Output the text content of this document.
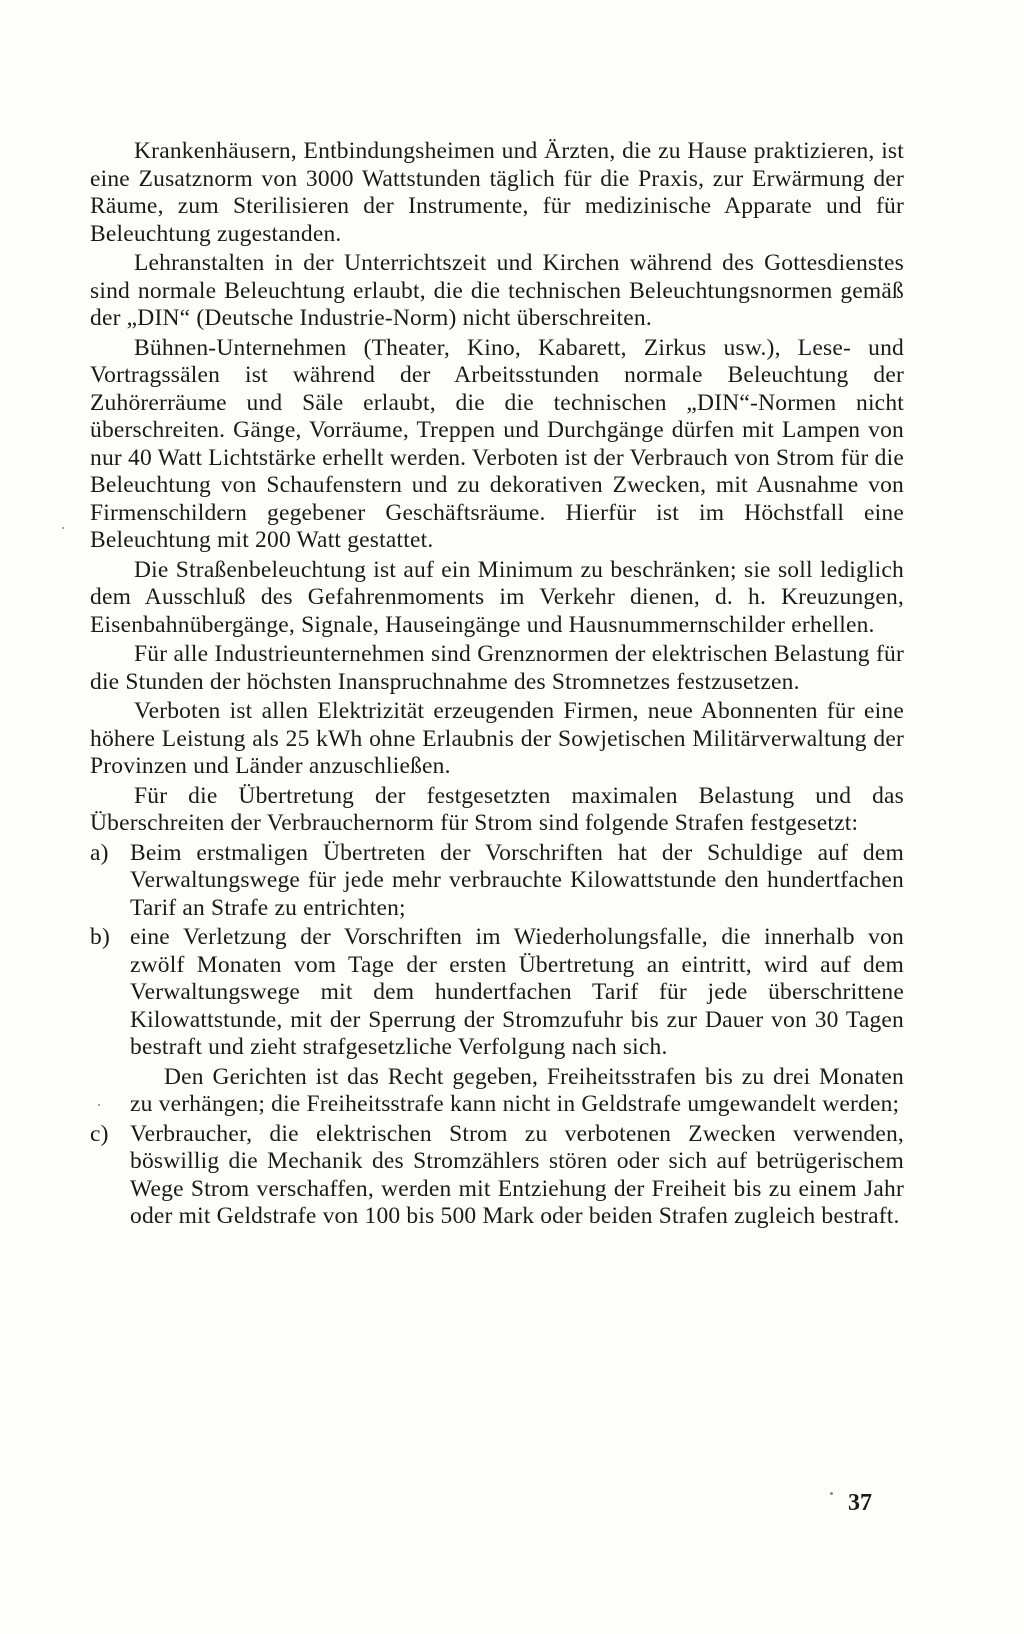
Krankenhäusern, Entbindungsheimen und Ärzten, die zu Hause praktizieren, ist eine Zusatznorm von 3000 Wattstunden täglich für die Praxis, zur Erwärmung der Räume, zum Sterilisieren der Instrumente, für medizinische Apparate und für Beleuchtung zugestanden.

Lehranstalten in der Unterrichtszeit und Kirchen während des Gottesdienstes sind normale Beleuchtung erlaubt, die die technischen Beleuchtungsnormen gemäß der „DIN“ (Deutsche Industrie-Norm) nicht überschreiten.

Bühnen-Unternehmen (Theater, Kino, Kabarett, Zirkus usw.), Lese- und Vortragssälen ist während der Arbeitsstunden normale Beleuchtung der Zuhörerräume und Säle erlaubt, die die technischen „DIN“-Normen nicht überschreiten. Gänge, Vorräume, Treppen und Durchgänge dürfen mit Lampen von nur 40 Watt Lichtstärke erhellt werden. Verboten ist der Verbrauch von Strom für die Beleuchtung von Schaufenstern und zu dekorativen Zwecken, mit Ausnahme von Firmenschildern gegebener Geschäftsräume. Hierfür ist im Höchstfall eine Beleuchtung mit 200 Watt gestattet.

Die Straßenbeleuchtung ist auf ein Minimum zu beschränken; sie soll lediglich dem Ausschluß des Gefahrenmoments im Verkehr dienen, d. h. Kreuzungen, Eisenbahnübergänge, Signale, Hauseingänge und Hausnummernschilder erhellen.

Für alle Industrieunternehmen sind Grenznormen der elektrischen Belastung für die Stunden der höchsten Inanspruchnahme des Stromnetzes festzusetzen.

Verboten ist allen Elektrizität erzeugenden Firmen, neue Abonnenten für eine höhere Leistung als 25 kWh ohne Erlaubnis der Sowjetischen Militärverwaltung der Provinzen und Länder anzuschließen.

Für die Übertretung der festgesetzten maximalen Belastung und das Überschreiten der Verbrauchernorm für Strom sind folgende Strafen festgesetzt:

a) Beim erstmaligen Übertreten der Vorschriften hat der Schuldige auf dem Verwaltungswege für jede mehr verbrauchte Kilowattstunde den hundertfachen Tarif an Strafe zu entrichten;
b) eine Verletzung der Vorschriften im Wiederholungsfalle, die innerhalb von zwölf Monaten vom Tage der ersten Übertretung an eintritt, wird auf dem Verwaltungswege mit dem hundertfachen Tarif für jede überschrittene Kilowattstunde, mit der Sperrung der Stromzufuhr bis zur Dauer von 30 Tagen bestraft und zieht strafgesetzliche Verfolgung nach sich.

Den Gerichten ist das Recht gegeben, Freiheitsstrafen bis zu drei Monaten zu verhängen; die Freiheitsstrafe kann nicht in Geldstrafe umgewandelt werden;

c) Verbraucher, die elektrischen Strom zu verbotenen Zwecken verwenden, böswillig die Mechanik des Stromzählers stören oder sich auf betrügerischem Wege Strom verschaffen, werden mit Entziehung der Freiheit bis zu einem Jahr oder mit Geldstrafe von 100 bis 500 Mark oder beiden Strafen zugleich bestraft.
37
